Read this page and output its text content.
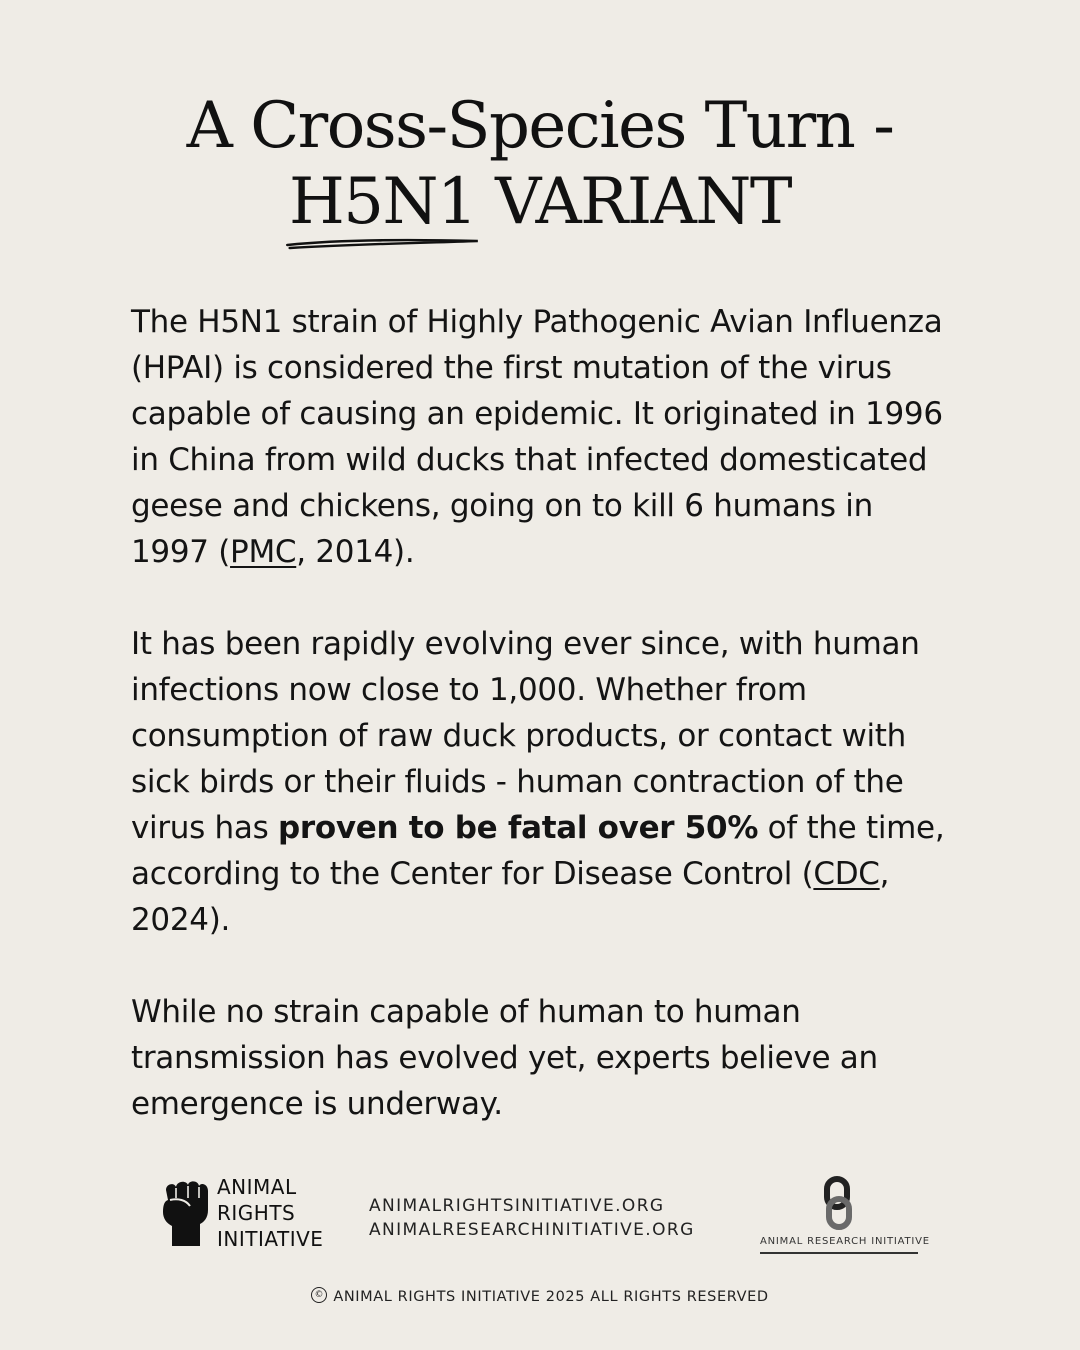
A Cross-Species Turn -
H5N1
VARIANT

The H5N1 strain of Highly Pathogenic Avian Influenza (HPAI) is considered the first mutation of the virus capable of causing an epidemic. It originated in 1996 in China from wild ducks that infected domesticated geese and chickens, going on to kill 6 humans in 1997 (PMC, 2014).

It has been rapidly evolving ever since, with human infections now close to 1,000. Whether from consumption of raw duck products, or contact with sick birds or their fluids - human contraction of the virus has proven to be fatal over 50% of the time, according to the Center for Disease Control (CDC, 2024).

While no strain capable of human to human transmission has evolved yet, experts believe an emergence is underway.

ANIMAL
RIGHTS
INITIATIVE
ANIMALRIGHTSINITIATIVE.ORG
ANIMALRESEARCHINITIATIVE.ORG
ANIMAL RESEARCH INITIATIVE
© ANIMAL RIGHTS INITIATIVE 2025 ALL RIGHTS RESERVED
